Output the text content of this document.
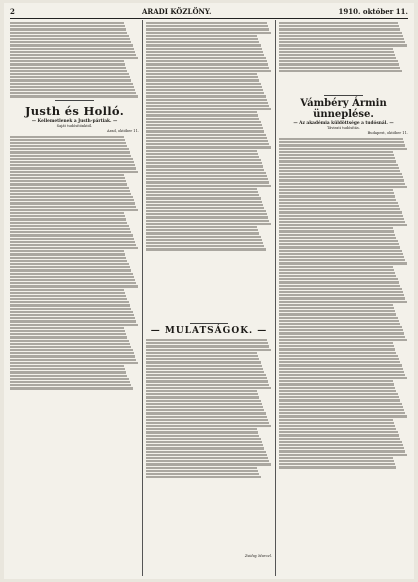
2	ARADI KÖZLÖNY.	1910. október 11.

Justh és Holló.
— Kellemetlenek a Justh-pártiak. —
Saját tudósítónktól.
Arad, október 11.

— MULATSÁGOK. —

Zsiday Marcel.

Vámbéry Ármin ünneplése.
— Az akadémia küldöttsége a tudósnál. —
Távirati tudósítás.
Budapest, október 11.
